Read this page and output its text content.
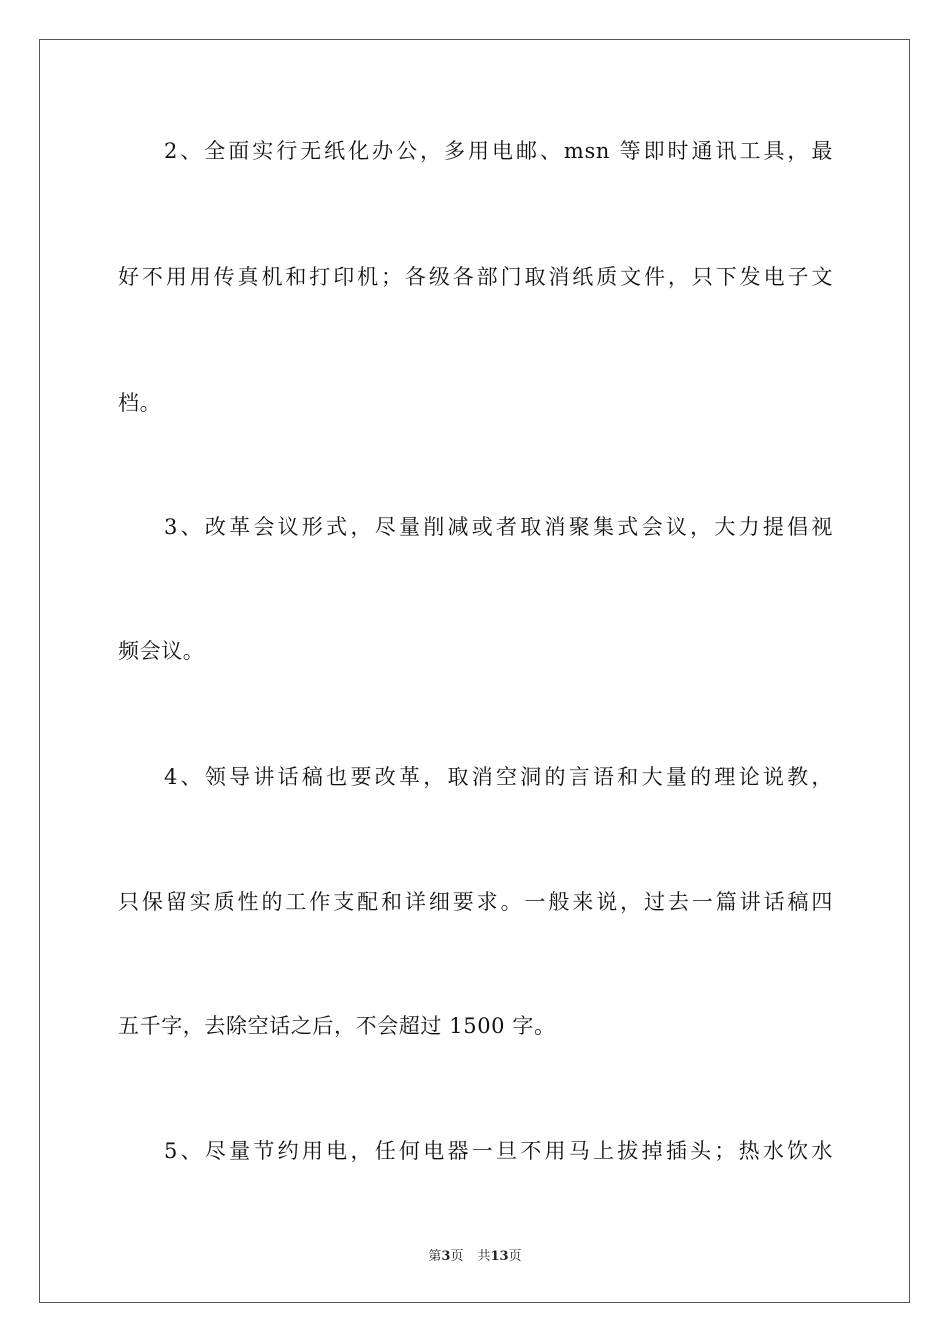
2、全面实行无纸化办公，多用电邮、msn 等即时通讯工具，最
好不用用传真机和打印机；各级各部门取消纸质文件，只下发电子文
档。
3、改革会议形式，尽量削减或者取消聚集式会议，大力提倡视
频会议。
4、领导讲话稿也要改革，取消空洞的言语和大量的理论说教，
只保留实质性的工作支配和详细要求。一般来说，过去一篇讲话稿四
五千字，去除空话之后，不会超过 1500 字。
5、尽量节约用电，任何电器一旦不用马上拔掉插头；热水饮水
第3页 共13页
